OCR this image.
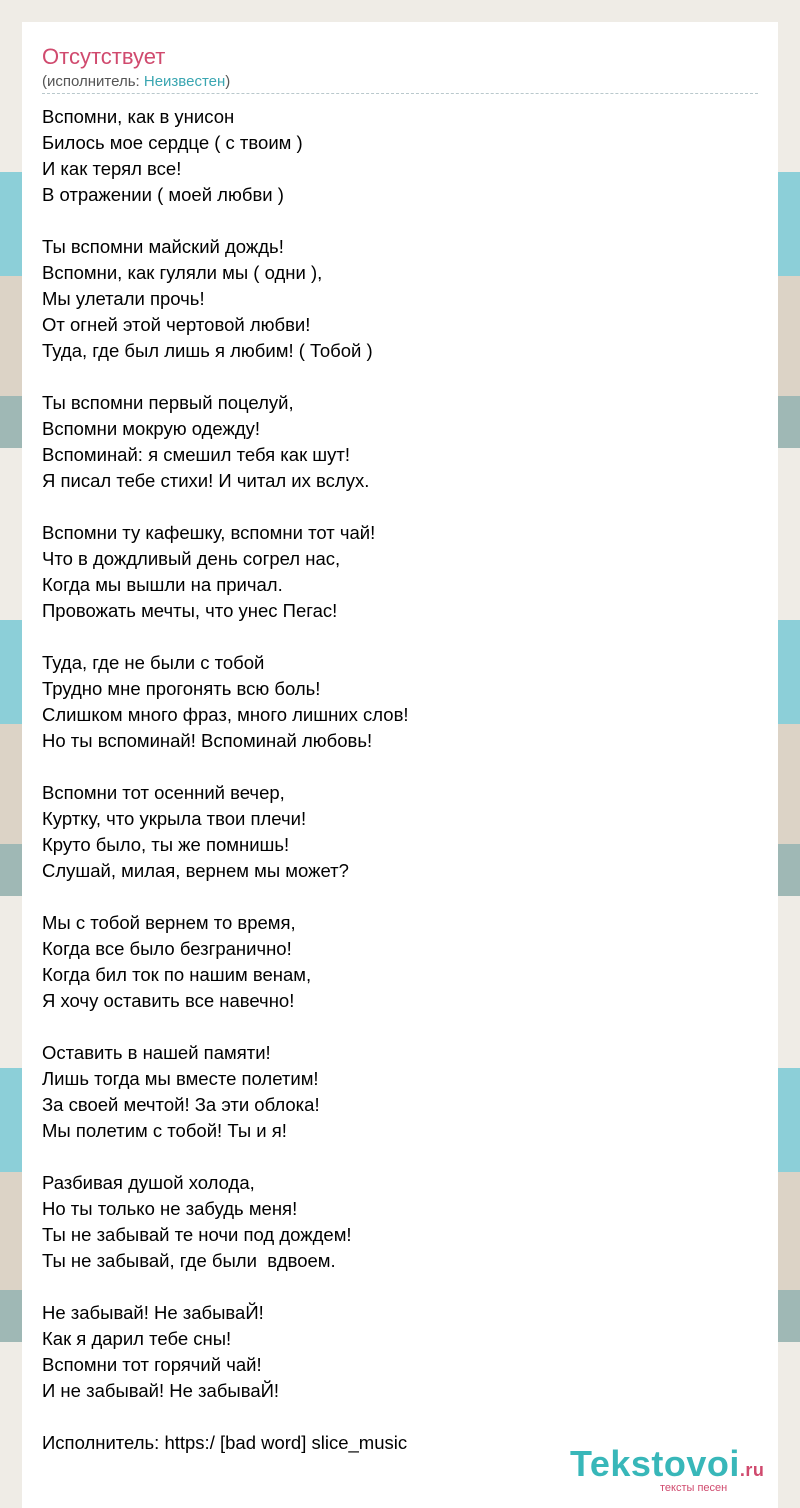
Отсутствует
(исполнитель: Неизвестен)
Вспомни, как в унисон
Билось мое сердце ( с твоим )
И как терял все!
В отражении ( моей любви )
Ты вспомни майский дождь!
Вспомни, как гуляли мы ( одни ),
Мы улетали прочь!
От огней этой чертовой любви!
Туда, где был лишь я любим! ( Тобой )
Ты вспомни первый поцелуй,
Вспомни мокрую одежду!
Вспоминай: я смешил тебя как шут!
Я писал тебе стихи! И читал их вслух.
Вспомни ту кафешку, вспомни тот чай!
Что в дождливый день согрел нас,
Когда мы вышли на причал.
Провожать мечты, что унес Пегас!
Туда, где не были с тобой
Трудно мне прогонять всю боль!
Слишком много фраз, много лишних слов!
Но ты вспоминай! Вспоминай любовь!
Вспомни тот осенний вечер,
Куртку, что укрыла твои плечи!
Круто было, ты же помнишь!
Слушай, милая, вернем мы может?
Мы с тобой вернем то время,
Когда все было безгранично!
Когда бил ток по нашим венам,
Я хочу оставить все навечно!
Оставить в нашей памяти!
Лишь тогда мы вместе полетим!
За своей мечтой! За эти облока!
Мы полетим с тобой! Ты и я!
Разбивая душой холода,
Но ты только не забудь меня!
Ты не забывай те ночи под дождем!
Ты не забывай, где были  вдвоем.
Не забывай! Не забываЙ!
Как я дарил тебе сны!
Вспомни тот горячий чай!
И не забывай! Не забываЙ!
Исполнитель: https:/ [bad word] slice_music
Tekstovoi.ru
тексты песен
